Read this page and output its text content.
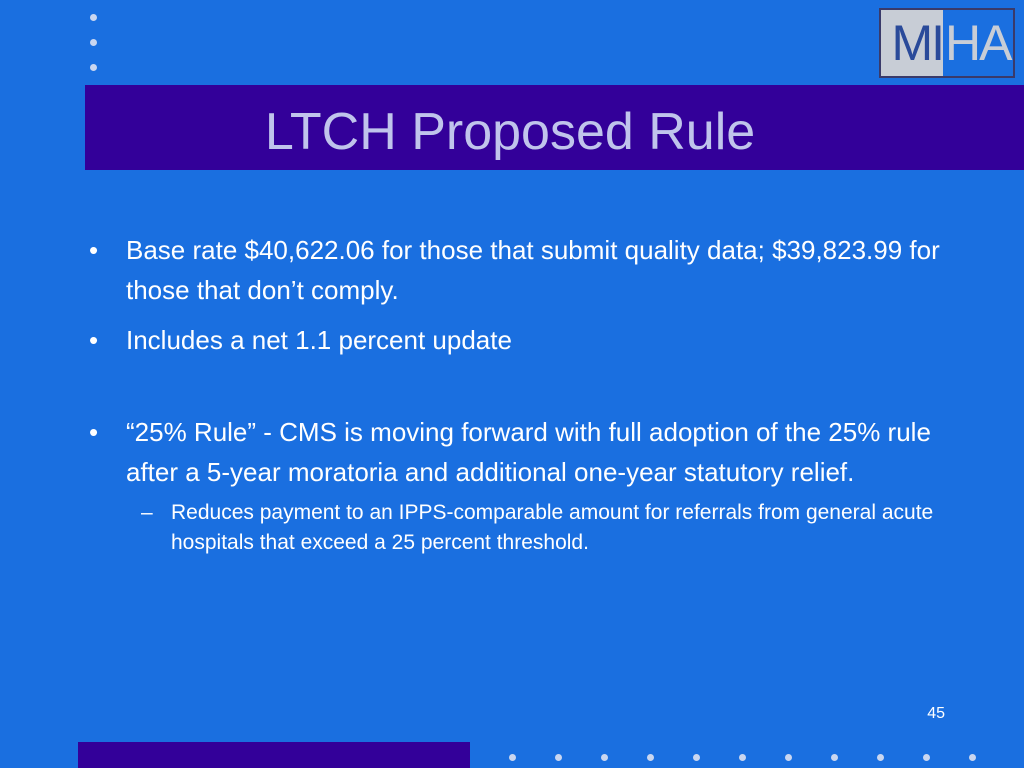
LTCH Proposed Rule
MI HA
• Base rate $40,622.06 for those that submit quality data; $39,823.99 for those that don’t comply.
• Includes a net 1.1 percent update
• “25% Rule” - CMS is moving forward with full adoption of the 25% rule after a 5-year moratoria and additional one-year statutory relief.
– Reduces payment to an IPPS-comparable amount for referrals from general acute hospitals that exceed a 25 percent threshold.
45
